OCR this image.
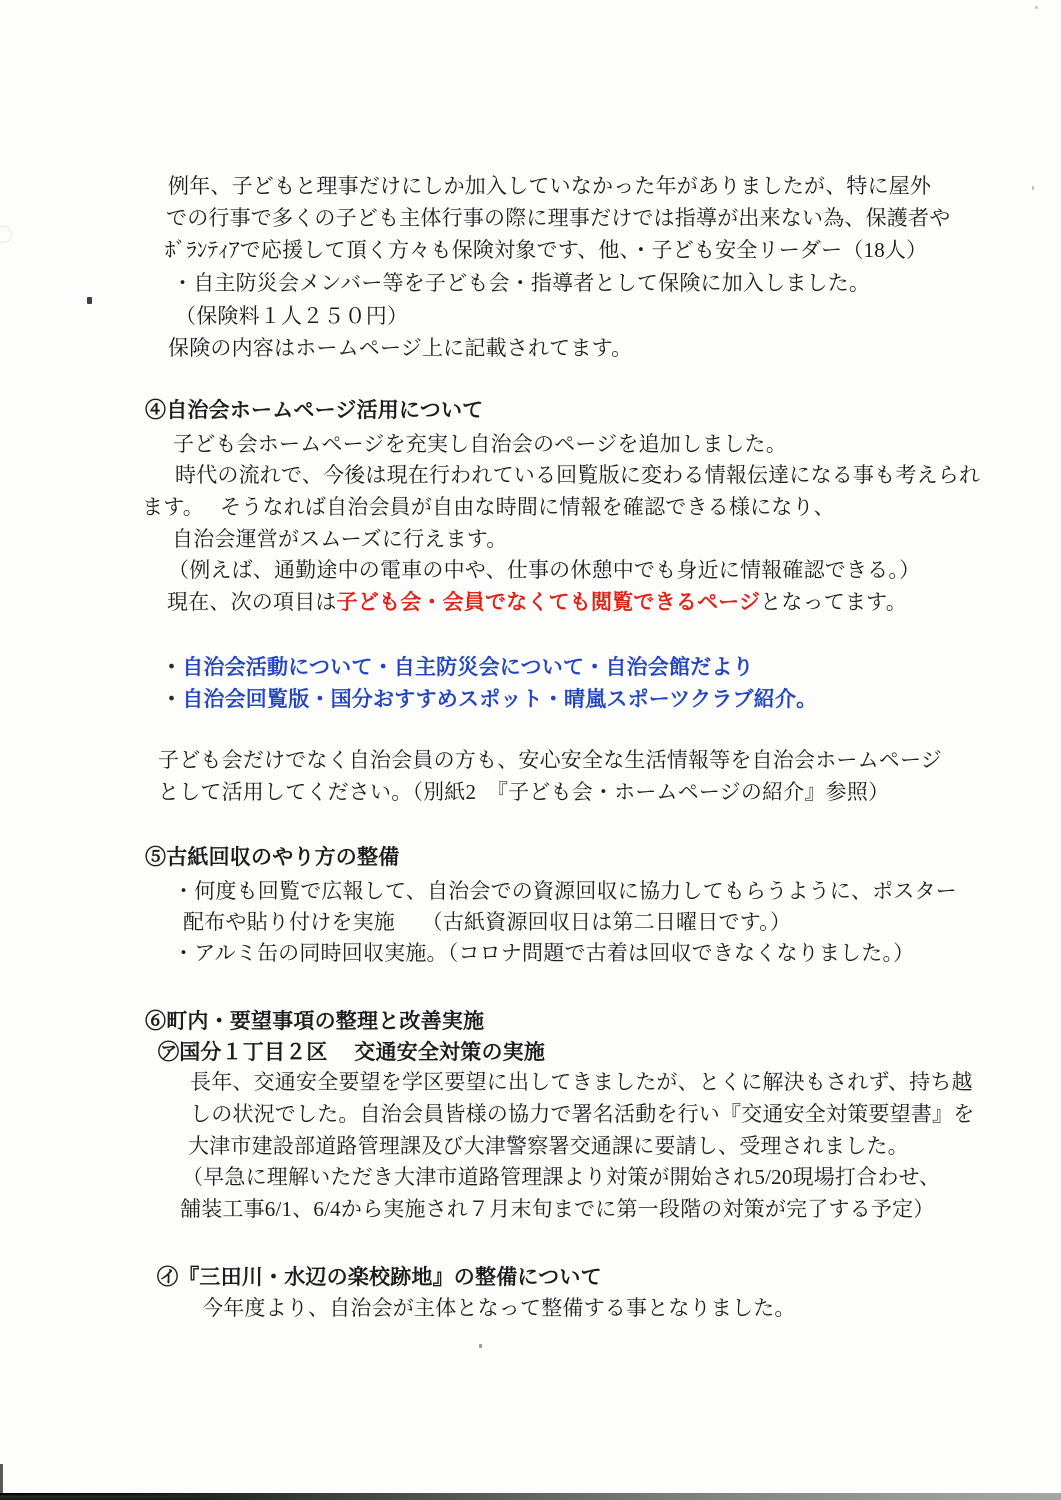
例年、子どもと理事だけにしか加入していなかった年がありましたが、特に屋外
での行事で多くの子ども主体行事の際に理事だけでは指導が出来ない為、保護者や
ﾎﾞﾗﾝﾃｨｱで応援して頂く方々も保険対象です、他、・子ども安全リーダー（18人）
・自主防災会メンバー等を子ども会・指導者として保険に加入しました。
（保険料１人２５０円）
保険の内容はホームページ上に記載されてます。
④自治会ホームページ活用について
子ども会ホームページを充実し自治会のページを追加しました。
時代の流れで、今後は現在行われている回覧版に変わる情報伝達になる事も考えられ
ます。　 そうなれば自治会員が自由な時間に情報を確認できる様になり、
自治会運営がスムーズに行えます。
（例えば、通勤途中の電車の中や、仕事の休憩中でも身近に情報確認できる。）
現在、次の項目は子ども会・会員でなくても閲覧できるページとなってます。
・自治会活動について・自主防災会について・自治会館だより
・自治会回覧版・国分おすすめスポット・晴嵐スポーツクラブ紹介。
子ども会だけでなく自治会員の方も、安心安全な生活情報等を自治会ホームページ
として活用してください。（別紙2　『子ども会・ホームページの紹介』参照）
⑤古紙回収のやり方の整備
・何度も回覧で広報して、自治会での資源回収に協力してもらうように、ポスター
配布や貼り付けを実施　 （古紙資源回収日は第二日曜日です。）
・アルミ缶の同時回収実施。（コロナ問題で古着は回収できなくなりました。）
⑥町内・要望事項の整理と改善実施
㋐国分１丁目２区　 交通安全対策の実施
長年、交通安全要望を学区要望に出してきましたが、とくに解決もされず、持ち越
しの状況でした。自治会員皆様の協力で署名活動を行い『交通安全対策要望書』を
大津市建設部道路管理課及び大津警察署交通課に要請し、受理されました。
（早急に理解いただき大津市道路管理課より対策が開始され5/20現場打合わせ、
舗装工事6/1、6/4から実施され７月末旬までに第一段階の対策が完了する予定）
㋑『三田川・水辺の楽校跡地』の整備について
今年度より、自治会が主体となって整備する事となりました。
